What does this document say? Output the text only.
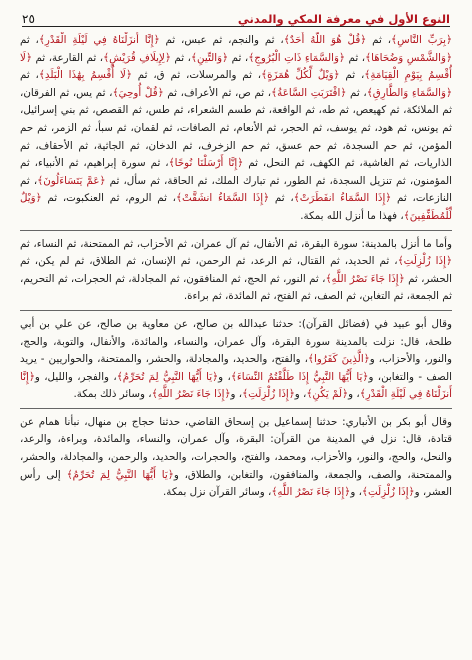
النوع الأول في معرفة المكي والمدني
٢٥

﴿بِرَبِّ النَّاسِ﴾، ثم ﴿قُلْ هُوَ اللَّهُ أَحَدٌ﴾، ثم والنجم، ثم عبس، ثم ﴿إِنَّا أَنزَلْنَاهُ فِي لَيْلَةِ الْقَدْرِ﴾، ثم ﴿وَالشَّمْسِ وَضُحَاهَا﴾، ثم ﴿وَالسَّمَاءِ ذَاتِ الْبُرُوجِ﴾، ثم ﴿وَالتِّينِ﴾، ثم ﴿لِإِيلَافِ قُرَيْشٍ﴾، ثم القارعة، ثم ﴿لَا أُقْسِمُ بِيَوْمِ الْقِيَامَةِ﴾، ثم ﴿وَيْلٌ لِّكُلِّ هُمَزَةٍ﴾، ثم والمرسلات، ثم ق، ثم ﴿لَا أُقْسِمُ بِهَٰذَا الْبَلَدِ﴾، ثم ﴿وَالسَّمَاءِ وَالطَّارِقِ﴾، ثم ﴿اقْتَرَبَتِ السَّاعَةُ﴾، ثم ص، ثم الأعراف، ثم ﴿قُلْ أُوحِيَ﴾، ثم يس، ثم الفرقان، ثم الملائكة، ثم كهيعص، ثم طه، ثم الواقعة، ثم طسم الشعراء، ثم طس، ثم القصص، ثم بني إسرائيل، ثم يونس، ثم هود، ثم يوسف، ثم الحجر، ثم الأنعام، ثم الصافات، ثم لقمان، ثم سبأ، ثم الزمر، ثم حم المؤمن، ثم حم السجدة، ثم حم عسق، ثم حم الزخرف، ثم الدخان، ثم الجاثية، ثم الأحقاف، ثم الذاريات، ثم الغاشية، ثم الكهف، ثم النحل، ثم ﴿إِنَّا أَرْسَلْنَا نُوحًا﴾، ثم سورة إبراهيم، ثم الأنبياء، ثم المؤمنون، ثم تنزيل السجدة، ثم الطور، ثم تبارك الملك، ثم الحاقة، ثم سأل، ثم ﴿عَمَّ يَتَسَاءَلُونَ﴾، ثم النازعات، ثم ﴿إِذَا السَّمَاءُ انفَطَرَتْ﴾، ثم ﴿إِذَا السَّمَاءُ انشَقَّتْ﴾، ثم الروم، ثم العنكبوت، ثم ﴿وَيْلٌ لِّلْمُطَفِّفِينَ﴾، فهذا ما أنزل الله بمكة.

وأما ما أنزل بالمدينة: سورة البقرة، ثم الأنفال، ثم آل عمران، ثم الأحزاب، ثم الممتحنة، ثم النساء، ثم ﴿إِذَا زُلْزِلَتِ﴾، ثم الحديد، ثم القتال، ثم الرعد، ثم الرحمن، ثم الإنسان، ثم الطلاق، ثم لم يكن، ثم الحشر، ثم ﴿إِذَا جَاءَ نَصْرُ اللَّهِ﴾، ثم النور، ثم الحج، ثم المنافقون، ثم المجادلة، ثم الحجرات، ثم التحريم، ثم الجمعة، ثم التغابن، ثم الصف، ثم الفتح، ثم المائدة، ثم براءة.

وقال أبو عبيد في (فضائل القرآن): حدثنا عبدالله بن صالح، عن معاوية بن صالح، عن علي بن أبي طلحة، قال: نزلت بالمدينة سورة البقرة، وآل عمران، والنساء، والمائدة، والأنفال، والتوبة، والحج، والنور، والأحزاب، و﴿الَّذِينَ كَفَرُوا﴾، والفتح، والحديد، والمجادلة، والحشر، والممتحنة، والحواريين - يريد الصف - والتغابن، و﴿يَا أَيُّهَا النَّبِيُّ إِذَا طَلَّقْتُمُ النِّسَاءَ﴾، و﴿يَا أَيُّهَا النَّبِيُّ لِمَ تُحَرِّمُ﴾، والفجر، والليل، و﴿إِنَّا أَنزَلْنَاهُ فِي لَيْلَةِ الْقَدْرِ﴾، و﴿لَمْ يَكُنِ﴾، و﴿إِذَا زُلْزِلَتِ﴾، و﴿إِذَا جَاءَ نَصْرُ اللَّهِ﴾، وسائر ذلك بمكة.

وقال أبو بكر بن الأنباري: حدثنا إسماعيل بن إسحاق القاضي، حدثنا حجاج بن منهال، نبأنا همام عن قتادة، قال: نزل في المدينة من القرآن: البقرة، وآل عمران، والنساء، والمائدة، وبراءة، والرعد، والنحل، والحج، والنور، والأحزاب، ومحمد، والفتح، والحجرات، والحديد، والرحمن، والمجادلة، والحشر، والممتحنة، والصف، والجمعة، والمنافقون، والتغابن، والطلاق، و﴿يَا أَيُّهَا النَّبِيُّ لِمَ تُحَرِّمُ﴾ إلى رأس العشر، و﴿إِذَا زُلْزِلَتِ﴾، و﴿إِذَا جَاءَ نَصْرُ اللَّهِ﴾، وسائر القرآن نزل بمكة.
